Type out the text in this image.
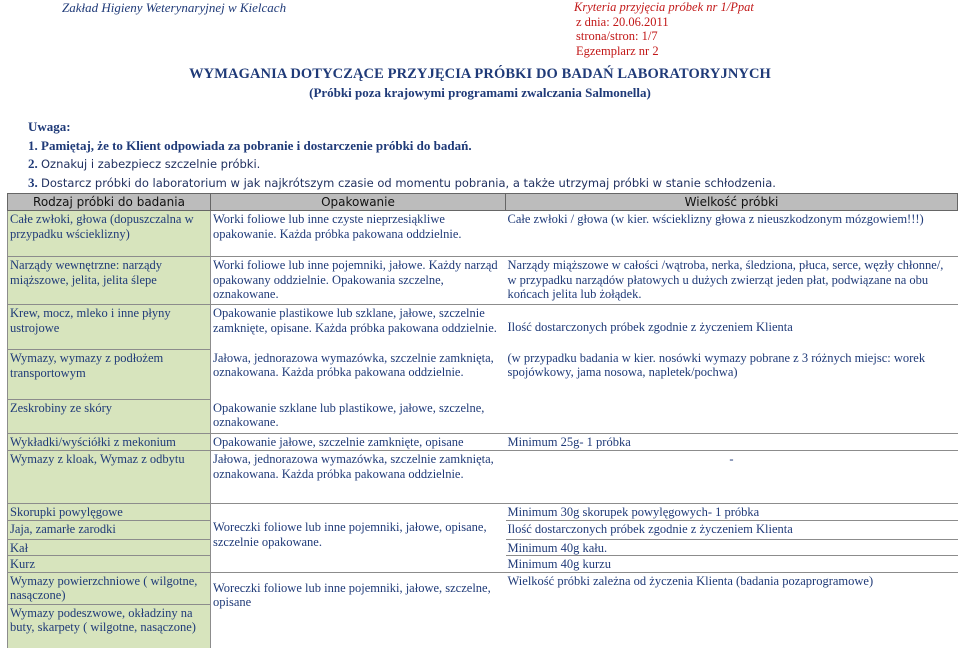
Zakład Higieny Weterynaryjnej w Kielcach	Kryteria przyjęcia próbek nr 1/Ppat
z dnia: 20.06.2011
strona/stron: 1/7
Egzemplarz nr 2
WYMAGANIA DOTYCZĄCE PRZYJĘCIA PRÓBKI DO BADAŃ LABORATORYJNYCH
(Próbki poza krajowymi programami zwalczania Salmonella)
Uwaga:
1. Pamiętaj, że to Klient odpowiada za pobranie i dostarczenie próbki do badań.
2. Oznakuj i zabezpiecz szczelnie próbki.
3. Dostarcz próbki do laboratorium w jak najkrótszym czasie od momentu pobrania, a także utrzymaj próbki w stanie schłodzenia.
Rodzaj próbki do badania	Opakowanie	Wielkość próbki
Całe zwłoki, głowa (dopuszczalna w przypadku wścieklizny)	Worki foliowe lub inne czyste nieprzesiąkliwe opakowanie. Każda próbka pakowana oddzielnie.	Całe zwłoki / głowa (w kier. wścieklizny głowa z nieuszkodzonym mózgowiem!!!)
Narządy wewnętrzne: narządy miąższowe, jelita, jelita ślepe	Worki foliowe lub inne pojemniki, jałowe. Każdy narząd opakowany oddzielnie. Opakowania szczelne, oznakowane.	Narządy miąższowe w całości /wątroba, nerka, śledziona, płuca, serce, węzły chłonne/, w przypadku narządów płatowych u dużych zwierząt jeden płat, podwiązane na obu końcach jelita lub żołądek.
Krew, mocz, mleko i inne płyny ustrojowe	Opakowanie plastikowe lub szklane, jałowe, szczelnie zamknięte, opisane. Każda próbka pakowana oddzielnie.	Ilość dostarczonych próbek zgodnie z życzeniem Klienta
Wymazy, wymazy z podłożem transportowym	Jałowa, jednorazowa wymazówka, szczelnie zamknięta, oznakowana. Każda próbka pakowana oddzielnie.	(w przypadku badania w kier. nosówki wymazy pobrane z 3 różnych miejsc: worek spojówkowy, jama nosowa, napletek/pochwa)
Zeskrobiny ze skóry	Opakowanie szklane lub plastikowe, jałowe, szczelne, oznakowane.	
Wykładki/wyściółki z mekonium	Opakowanie jałowe, szczelnie zamknięte, opisane	Minimum 25g- 1 próbka
Wymazy z kloak, Wymaz z odbytu	Jałowa, jednorazowa wymazówka, szczelnie zamknięta, oznakowana. Każda próbka pakowana oddzielnie.	-
Skorupki powylęgowe	Woreczki foliowe lub inne pojemniki, jałowe, opisane, szczelnie opakowane.	Minimum 30g skorupek powylęgowych- 1 próbka
Jaja, zamarłe zarodki		Ilość dostarczonych próbek zgodnie z życzeniem Klienta
Kał		Minimum 40g kału.
Kurz		Minimum 40g kurzu
Wymazy powierzchniowe ( wilgotne, nasączone)	Woreczki foliowe lub inne pojemniki, jałowe, szczelne, opisane	Wielkość próbki zależna od życzenia Klienta (badania pozaprogramowe)
Wymazy podeszwowe, okładziny na buty, skarpety ( wilgotne, nasączone)		
